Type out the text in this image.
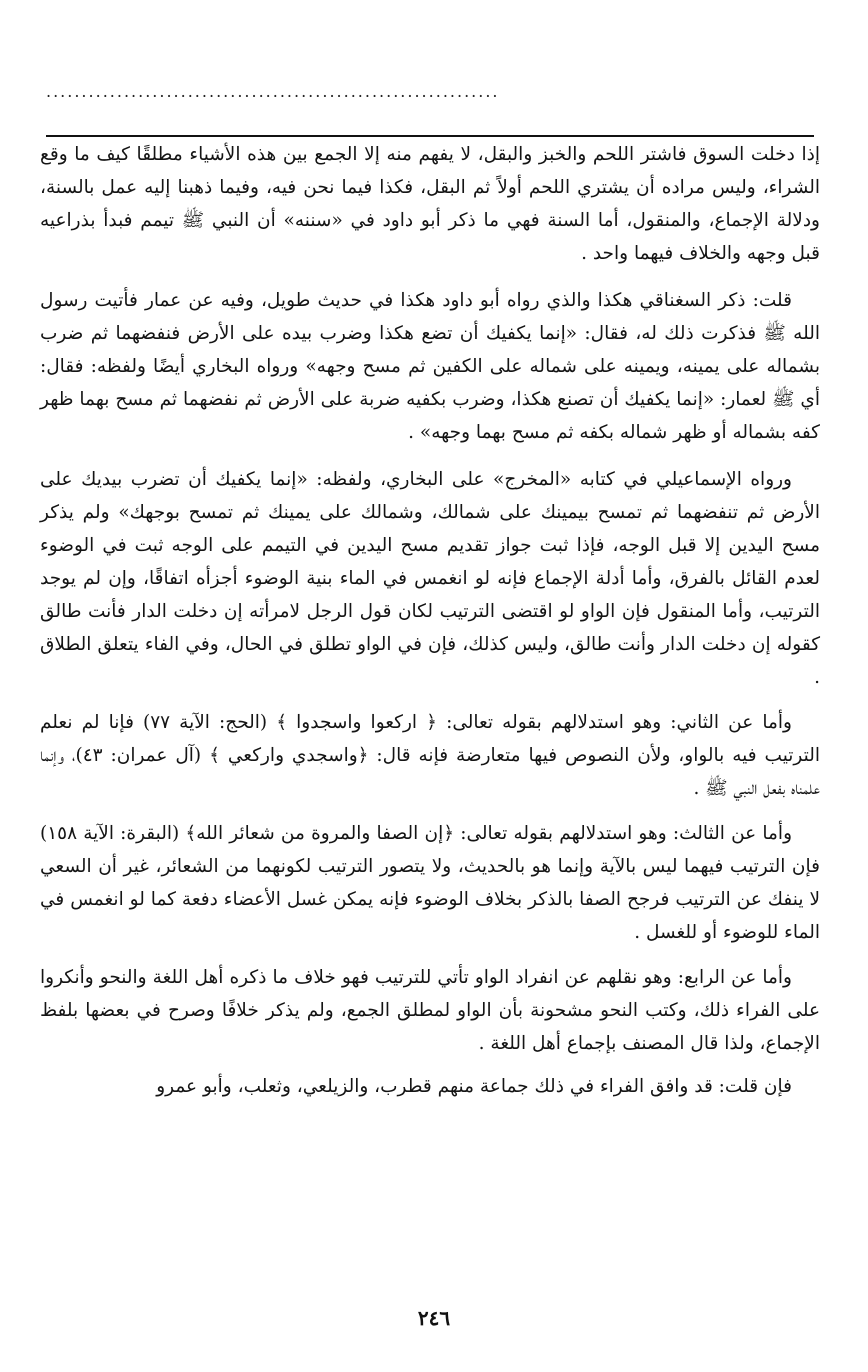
................................................................

إذا دخلت السوق فاشتر اللحم والخبز والبقل، لا يفهم منه إلا الجمع بين هذه الأشياء مطلقًا كيف ما وقع الشراء، وليس مراده أن يشتري اللحم أولاً ثم البقل، فكذا فيما نحن فيه، وفيما ذهبنا إليه عمل بالسنة، ودلالة الإجماع، والمنقول، أما السنة فهي ما ذكر أبو داود في «سننه» أن النبي ﷺ تيمم فبدأ بذراعيه قبل وجهه والخلاف فيهما واحد .

قلت: ذكر السغناقي هكذا والذي رواه أبو داود هكذا في حديث طويل، وفيه عن عمار فأتيت رسول الله ﷺ فذكرت ذلك له، فقال: «إنما يكفيك أن تضع هكذا وضرب بيده على الأرض فنفضهما ثم ضرب بشماله على يمينه، ويمينه على شماله على الكفين ثم مسح وجهه» ورواه البخاري أيضًا ولفظه: فقال: أي ﷺ لعمار: «إنما يكفيك أن تصنع هكذا، وضرب بكفيه ضربة على الأرض ثم نفضهما ثم مسح بهما ظهر كفه بشماله أو ظهر شماله بكفه ثم مسح بهما وجهه» .

ورواه الإسماعيلي في كتابه «المخرج» على البخاري، ولفظه: «إنما يكفيك أن تضرب بيديك على الأرض ثم تنفضهما ثم تمسح بيمينك على شمالك، وشمالك على يمينك ثم تمسح بوجهك» ولم يذكر مسح اليدين إلا قبل الوجه، فإذا ثبت جواز تقديم مسح اليدين في التيمم على الوجه ثبت في الوضوء لعدم القائل بالفرق، وأما أدلة الإجماع فإنه لو انغمس في الماء بنية الوضوء أجزأه اتفاقًا، وإن لم يوجد الترتيب، وأما المنقول فإن الواو لو اقتضى الترتيب لكان قول الرجل لامرأته إن دخلت الدار فأنت طالق كقوله إن دخلت الدار وأنت طالق، وليس كذلك، فإن في الواو تطلق في الحال، وفي الفاء يتعلق الطلاق .

وأما عن الثاني: وهو استدلالهم بقوله تعالى: ﴿ اركعوا واسجدوا ﴾ (الحج: الآية ٧٧) فإنا لم نعلم الترتيب فيه بالواو، ولأن النصوص فيها متعارضة فإنه قال: ﴿واسجدي واركعي ﴾ (آل عمران: ٤٣)، وإنما علمناه بفعل النبي ﷺ .

وأما عن الثالث: وهو استدلالهم بقوله تعالى: ﴿إن الصفا والمروة من شعائر الله﴾ (البقرة: الآية ١٥٨) فإن الترتيب فيهما ليس بالآية وإنما هو بالحديث، ولا يتصور الترتيب لكونهما من الشعائر، غير أن السعي لا ينفك عن الترتيب فرجح الصفا بالذكر بخلاف الوضوء فإنه يمكن غسل الأعضاء دفعة كما لو انغمس في الماء للوضوء أو للغسل .

وأما عن الرابع: وهو نقلهم عن انفراد الواو تأتي للترتيب فهو خلاف ما ذكره أهل اللغة والنحو وأنكروا على الفراء ذلك، وكتب النحو مشحونة بأن الواو لمطلق الجمع، ولم يذكر خلافًا وصرح في بعضها بلفظ الإجماع، ولذا قال المصنف بإجماع أهل اللغة .

فإن قلت: قد وافق الفراء في ذلك جماعة منهم قطرب، والزيلعي، وثعلب، وأبو عمرو

٢٤٦
